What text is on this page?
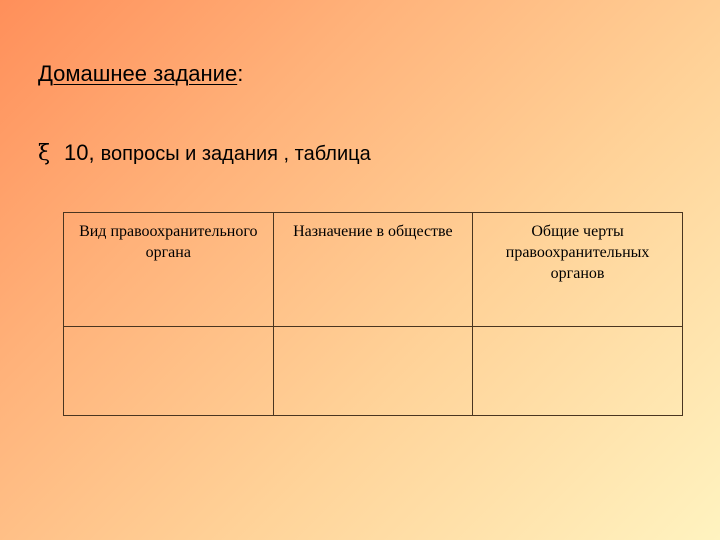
Домашнее задание:
ξ 10, вопросы и задания , таблица
Вид правоохранительного органа	Назначение в обществе	Общие черты правоохранительных органов
